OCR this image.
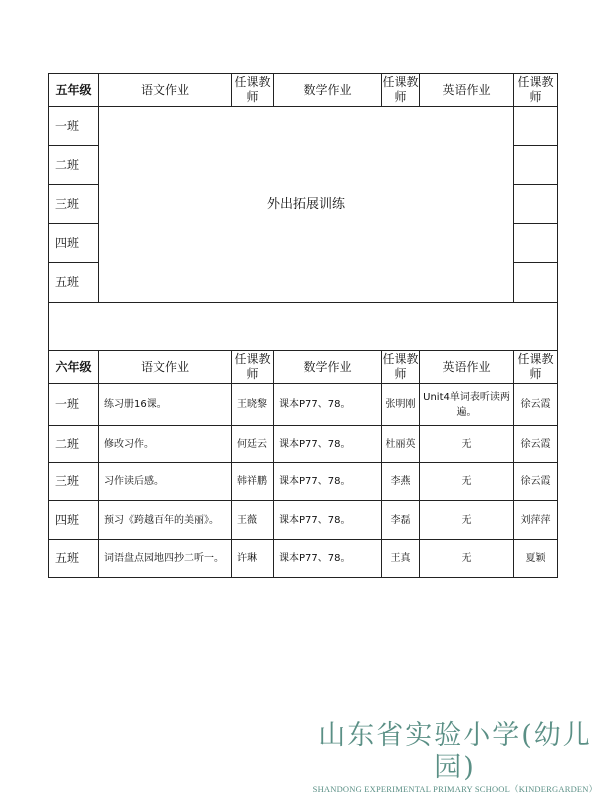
五年级	语文作业	任课教师	数学作业	任课教师	英语作业	任课教师
一班	外出拓展训练					
二班						
三班						
四班						
五班						

六年级	语文作业	任课教师	数学作业	任课教师	英语作业	任课教师
一班	练习册16课。	王晓黎	课本P77、78。	张明刚	Unit4单词表听读两遍。	徐云霞
二班	修改习作。	何廷云	课本P77、78。	杜丽英	无	徐云霞
三班	习作读后感。	韩祥鹏	课本P77、78。	李燕	无	徐云霞
四班	预习《跨越百年的美丽》。	王薇	课本P77、78。	李磊	无	刘萍萍
五班	词语盘点园地四抄二听一。	许琳	课本P77、78。	王真	无	夏颖
山东省实验小学(幼儿园)
SHANDONG EXPERIMENTAL PRIMARY SCHOOL（KINDERGARDEN）
